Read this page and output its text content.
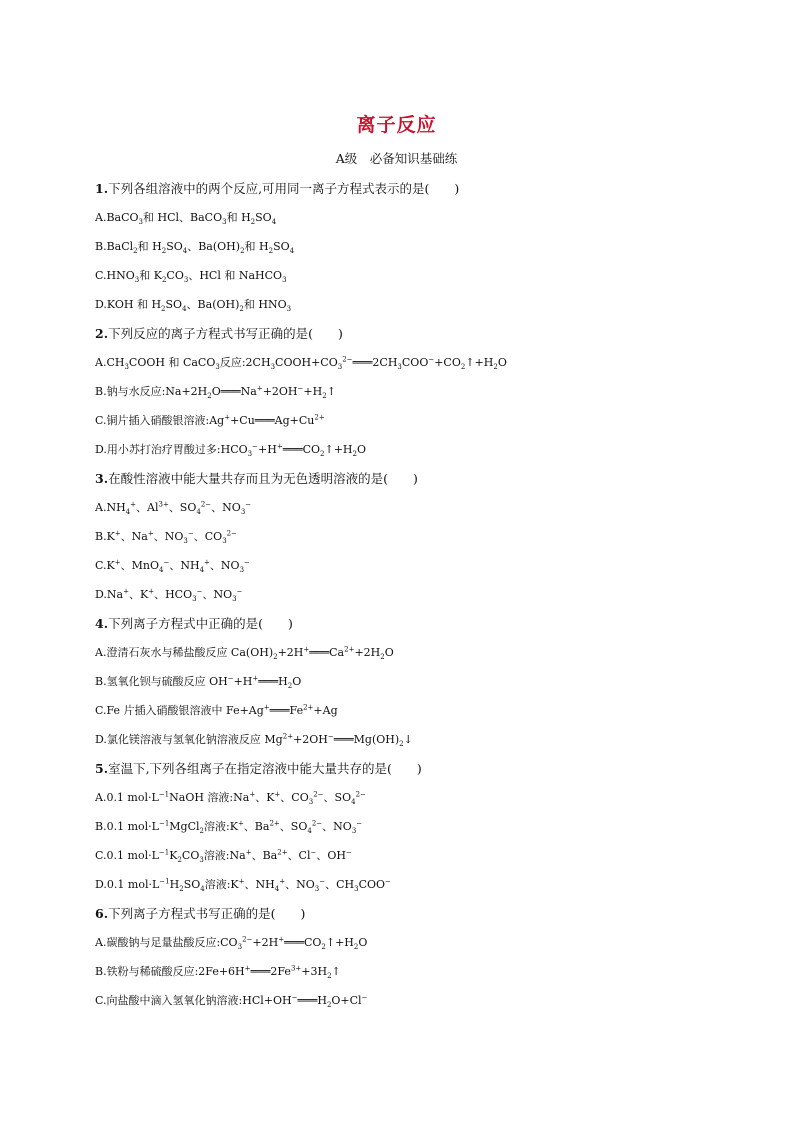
离子反应
A级　必备知识基础练
1.下列各组溶液中的两个反应,可用同一离子方程式表示的是(　　)
A.BaCO$_3$和 HCl、BaCO$_3$和 $H_2SO_4$
B.BaCl$_2$和 $H_2SO_4$、$Ba(OH)_2$和 $H_2SO_4$
$C.HNO_3$和 $K_2CO_3$、HCl 和 NaHCO$_3$
D.KOH 和 $H_2SO_4$、$Ba(OH)_2$和 $HNO_3$
2.下列反应的离子方程式书写正确的是(　　)
$A.CH_3COOH$ 和 CaCO$_3$反应$:2CH_3COOH+CO_3^{2-}═══2CH_3COO^-+CO_2↑+H_2O$
B.钠与水反应$:Na+2H_2O═══Na^++2OH^-+H_2↑$
C.铜片插入硝酸银溶液$:Ag^++Cu═══Ag+Cu^{2+}$
D.用小苏打治疗胃酸过多$:HCO_3^-+H^+═══CO_2↑+H_2O$
3.在酸性溶液中能大量共存而且为无色透明溶液的是(　　)
$A.NH_4^+$、$Al^{3+}$、$SO_4^{2-}$、$NO_3^-$
B.K+、Na+、$NO_3^-$、$CO_3^{2-}$
C.K+、MnO$_4$−、$NH_4^+$、$NO_3^-$
D.Na+、K+、$HCO_3^-$、$NO_3^-$
4.下列离子方程式中正确的是(　　)
A.澄清石灰水与稀盐酸反应 $Ca(OH)_2+2H^+═══Ca^{2+}+2H_2O$
B.氢氧化钡与硫酸反应 $OH^-+H^+═══H_2O$
C.Fe 片插入硝酸银溶液中 $Fe+Ag^+═══Fe^{2+}+Ag$
D.氯化镁溶液与氢氧化钠溶液反应 $Mg^{2+}+2OH^-═══Mg(OH)_2↓$
5.室温下,下列各组离子在指定溶液中能大量共存的是(　　)
A.0.1 $mol\cdot L^{-1}NaOH$ 溶液:Na+、K+、$CO_3^{2-}$、$SO_4^{2-}$
B.0.1 $mol\cdot L^{-1}MgCl_2$溶液:K+、$Ba^{2+}$、$SO_4^{2-}$、$NO_3^-$
C.0.1 $mol\cdot L^{-1}K_2CO_3$溶液:Na+、$Ba^{2+}$、Cl−、OH−
D.0.1 $mol\cdot L^{-1}H_2SO_4$溶液:K+、$NH_4^+$、$NO_3^-$、$CH_3COO^-$
6.下列离子方程式书写正确的是(　　)
A.碳酸钠与足量盐酸反应$:CO_3^{2-}+2H^+═══CO_2↑+H_2O$
B.铁粉与稀硫酸反应$:2Fe+6H^+═══2Fe^{3+}+3H_2↑$
C.向盐酸中滴入氢氧化钠溶液$:HCl+OH^-═══H_2O+Cl^-$
